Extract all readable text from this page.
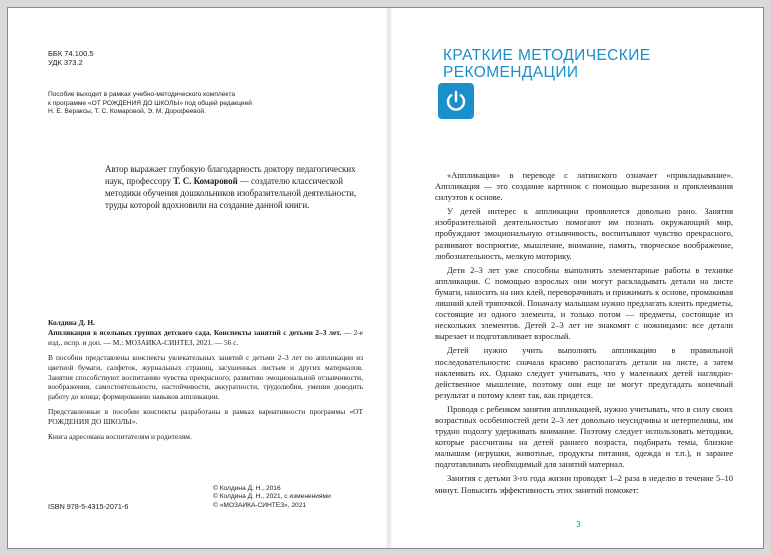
ББК 74.100.5
УДК 373.2
Пособие выходит в рамках учебно-методического комплекта
к программе «ОТ РОЖДЕНИЯ ДО ШКОЛЫ» под общей редакцией
Н. Е. Вераксы, Т. С. Комаровой, Э. М. Дорофеевой.
Автор выражает глубокую благодарность доктору педагогических наук, профессору Т. С. Комаровой — создателю классической методики обучения дошкольников изобразительной деятельности, труды которой вдохновили на создание данной книги.

Колдина Д. Н.

Аппликация в ясельных группах детского сада. Конспекты занятий с детьми 2–3 лет. — 2-е изд., испр. и доп. — М.: МОЗАИКА-СИНТЕЗ, 2021. — 56 с.

В пособии представлены конспекты увлекательных занятий с детьми 2–3 лет по аппликации из цветной бумаги, салфеток, журнальных страниц, засушенных листьев и других материалов. Занятия способствуют воспитанию чувства прекрасного; развитию эмоциональной отзывчивости, воображения, самостоятельности, настойчивости, аккуратности, трудолюбия, умения доводить работу до конца; формированию навыков аппликации.

Представленные в пособии конспекты разработаны в рамках вариативности программы «ОТ РОЖДЕНИЯ ДО ШКОЛЫ».

Книга адресована воспитателям и родителям.

© Колдина Д. Н., 2016
© Колдина Д. Н., 2021, с изменениями
© «МОЗАИКА-СИНТЕЗ», 2021
ISBN 978-5-4315-2071-6
КРАТКИЕ МЕТОДИЧЕСКИЕ
РЕКОМЕНДАЦИИ

«Аппликация» в переводе с латинского означает «прикладывание». Аппликация — это создание картинок с помощью вырезания и приклеивания силуэтов к основе.

У детей интерес к аппликации проявляется довольно рано. Занятия изобразительной деятельностью помогают им познать окружающий мир, пробуждают эмоциональную отзывчивость, воспитывают чувство прекрасного, развивают восприятие, мышление, внимание, память, творческое воображение, любознательность, мелкую моторику.

Дети 2–3 лет уже способны выполнять элементарные работы в технике аппликации. С помощью взрослых они могут раскладывать детали на листе бумаги, наносить на них клей, переворачивать и прижимать к основе, промакивая лишний клей тряпочкой. Поначалу малышам нужно предлагать клеить предметы, состоящие из одного элемента, и только потом — предметы, состоящие из нескольких элементов. Детей 2–3 лет не знакомят с ножницами: все детали вырезает и подготавливает взрослый.

Детей нужно учить выполнять аппликацию в правильной последовательности: сначала красиво располагать детали на листе, а затем наклеивать их. Однако следует учитывать, что у маленьких детей наглядно-действенное мышление, поэтому они еще не могут предугадать конечный результат и потому клеят так, как придется.

Проводя с ребенком занятия аппликацией, нужно учитывать, что в силу своих возрастных особенностей дети 2–3 лет довольно неусидчивы и нетерпеливы, им трудно подолгу удерживать внимание. Поэтому следует использовать методики, которые рассчитаны на детей раннего возраста, подбирать темы, близкие малышам (игрушки, животные, продукты питания, одежда и т.п.), и заранее подготавливать необходимый для занятий материал.

Занятия с детьми 3-го года жизни проводят 1–2 раза в неделю в течение 5–10 минут. Повысить эффективность этих занятий поможет:

3
